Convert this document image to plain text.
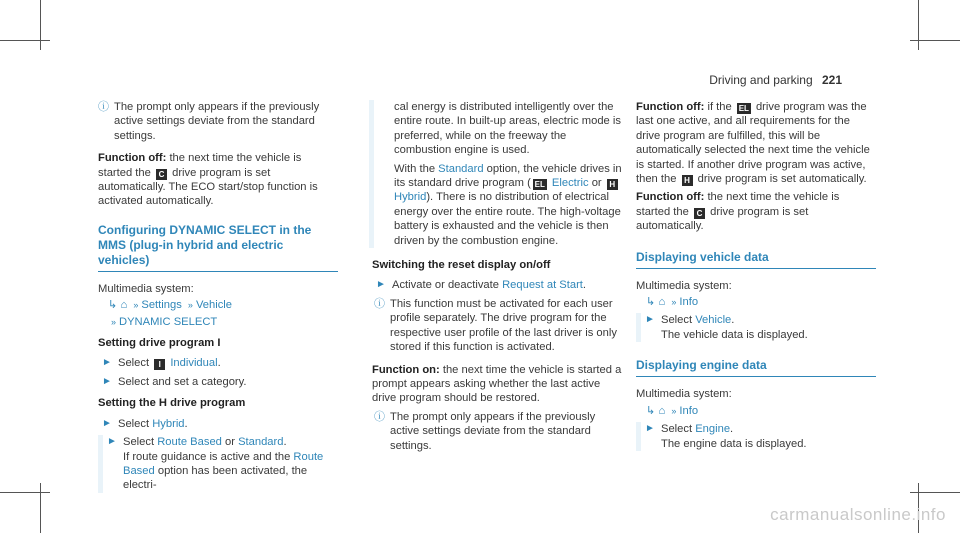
Driving and parking 221
ⓘ The prompt only appears if the previously active settings deviate from the standard settings.
Function off: the next time the vehicle is started the C drive program is set automatically. The ECO start/stop function is activated automatically.
Configuring DYNAMIC SELECT in the MMS (plug-in hybrid and electric vehicles)
Multimedia system:
↳ ⌂ » Settings » Vehicle
» DYNAMIC SELECT
Setting drive program I
► Select I Individual.
► Select and set a category.
Setting the H drive program
► Select Hybrid.
► Select Route Based or Standard.
If route guidance is active and the Route Based option has been activated, the electri-
cal energy is distributed intelligently over the entire route. In built-up areas, electric mode is preferred, while on the freeway the combustion engine is used.
With the Standard option, the vehicle drives in its standard drive program ( EL Electric or H Hybrid). There is no distribution of electrical energy over the entire route. The high-voltage battery is exhausted and the vehicle is then driven by the combustion engine.
Switching the reset display on/off
► Activate or deactivate Request at Start.
ⓘ This function must be activated for each user profile separately. The drive program for the respective user profile of the last driver is only stored if this function is activated.
Function on: the next time the vehicle is started a prompt appears asking whether the last active drive program should be restored.
ⓘ The prompt only appears if the previously active settings deviate from the standard settings.
Function off: if the EL drive program was the last one active, and all requirements for the drive program are fulfilled, this will be automatically selected the next time the vehicle is started. If another drive program was active, then the H drive program is set automatically.
Function off: the next time the vehicle is started the C drive program is set automatically.
Displaying vehicle data
Multimedia system:
↳ ⌂ » Info
► Select Vehicle.
The vehicle data is displayed.
Displaying engine data
Multimedia system:
↳ ⌂ » Info
► Select Engine.
The engine data is displayed.
carmanualsonline.info
